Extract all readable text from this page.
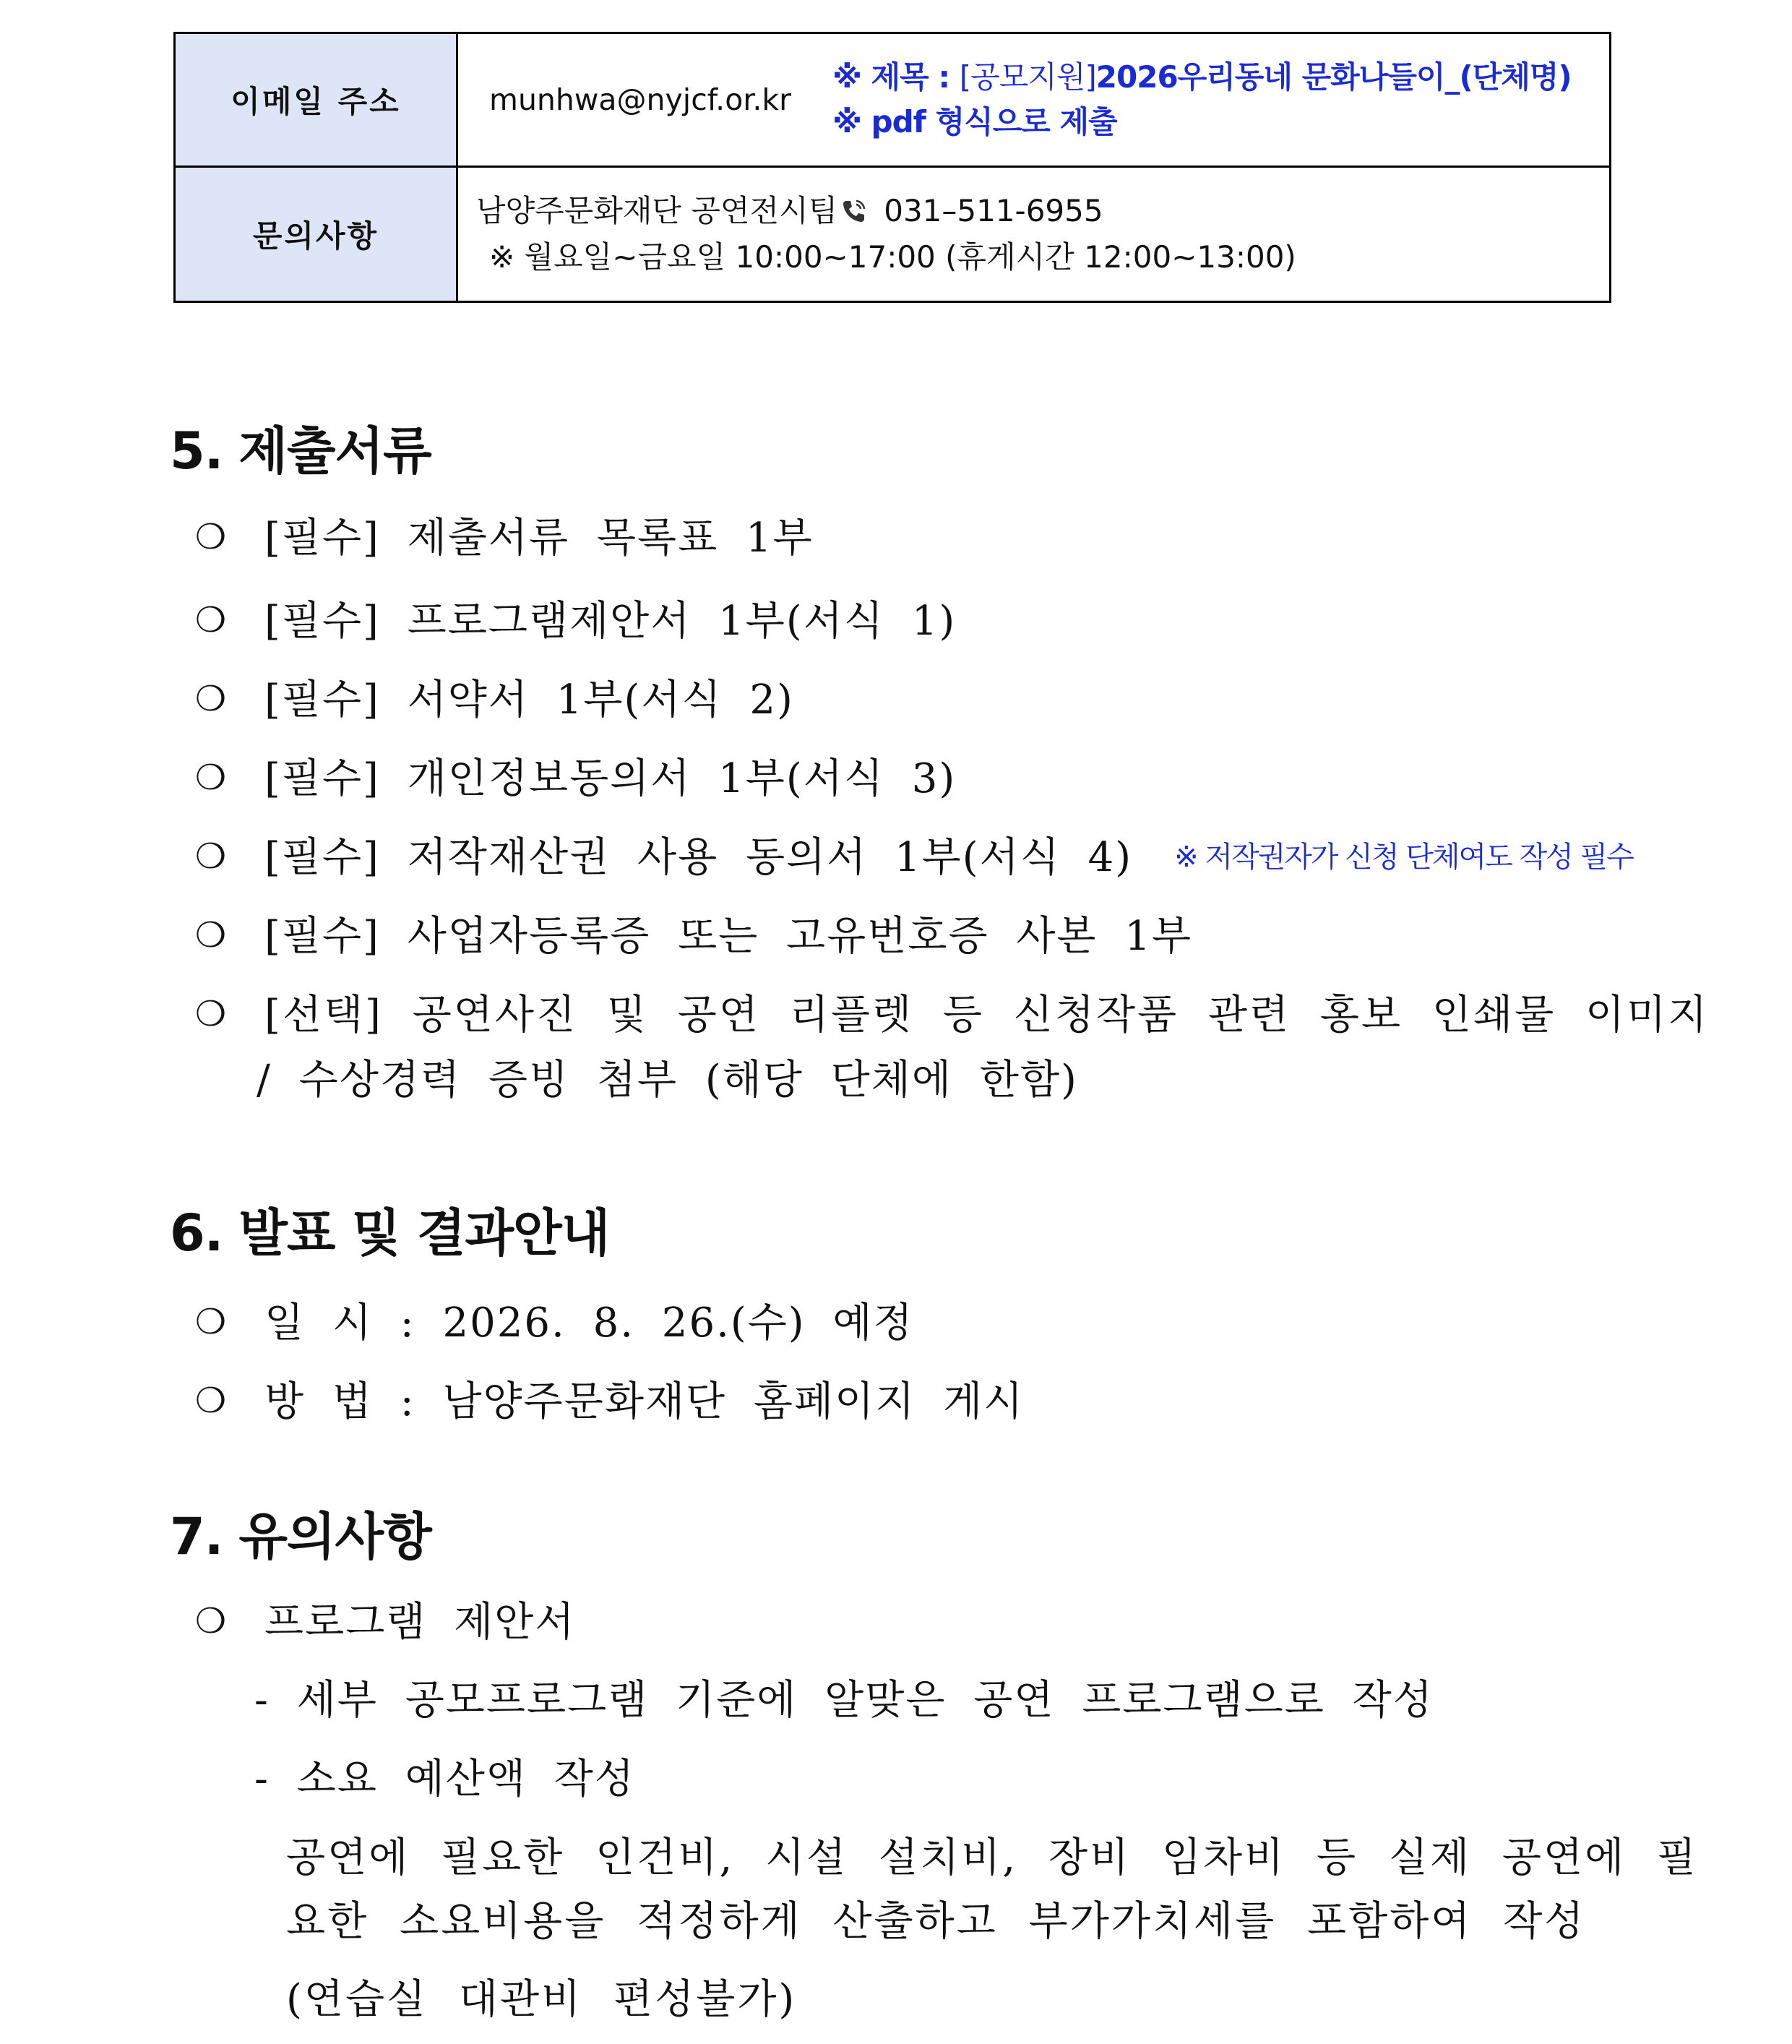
이메일 주소	munhwa@nyjcf.or.kr ※ 제목 : [공모지원]2026우리동네 문화나들이_(단체명)
※ pdf 형식으로 제출
문의사항	남양주문화재단 공연전시팀 031–511-6955
※ 월요일~금요일 10:00~17:00 (휴게시간 12:00~13:00)
5. 제출서류
❍ [필수] 제출서류 목록표 1부
❍ [필수] 프로그램제안서 1부(서식 1)
❍ [필수] 서약서 1부(서식 2)
❍ [필수] 개인정보동의서 1부(서식 3)
❍ [필수] 저작재산권 사용 동의서 1부(서식 4) ※ 저작권자가 신청 단체여도 작성 필수
❍ [필수] 사업자등록증 또는 고유번호증 사본 1부
❍ [선택] 공연사진 및 공연 리플렛 등 신청작품 관련 홍보 인쇄물 이미지
/ 수상경력 증빙 첨부 (해당 단체에 한함)
6. 발표 및 결과안내
❍ 일 시 : 2026. 8. 26.(수) 예정
❍ 방 법 : 남양주문화재단 홈페이지 게시
7. 유의사항
❍ 프로그램 제안서
- 세부 공모프로그램 기준에 알맞은 공연 프로그램으로 작성
- 소요 예산액 작성
공연에 필요한 인건비, 시설 설치비, 장비 임차비 등 실제 공연에 필
요한 소요비용을 적정하게 산출하고 부가가치세를 포함하여 작성
(연습실 대관비 편성불가)
